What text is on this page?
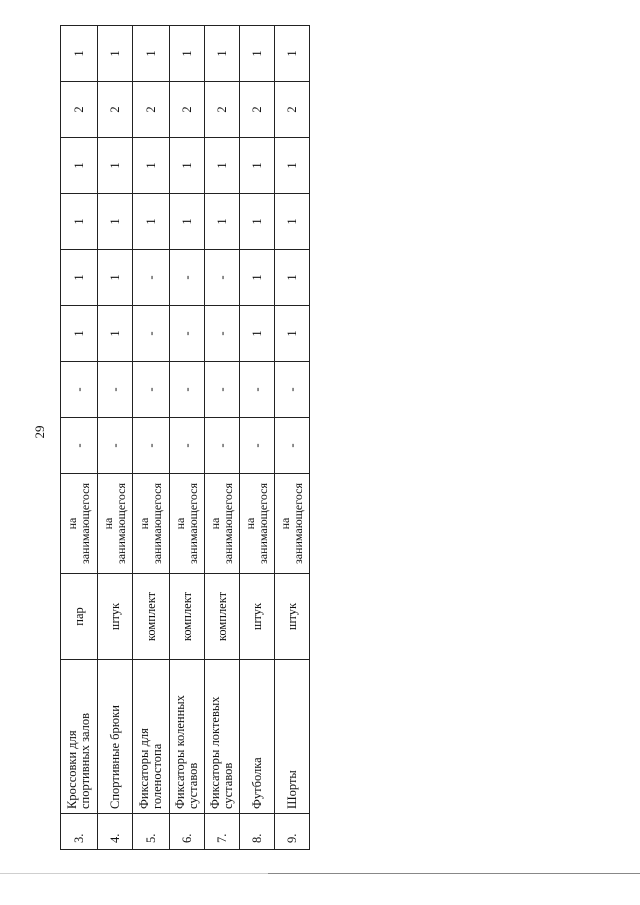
29
3.	Кроссовки для спортивных залов	пар	на занимающегося	-	-	1	1	1	1	2	1
4.	Спортивные брюки	штук	на занимающегося	-	-	1	1	1	1	2	1
5.	Фиксаторы для голеностопа	комплект	на занимающегося	-	-	-	-	1	1	2	1
6.	Фиксаторы коленных суставов	комплект	на занимающегося	-	-	-	-	1	1	2	1
7.	Фиксаторы локтевых суставов	комплект	на занимающегося	-	-	-	-	1	1	2	1
8.	Футболка	штук	на занимающегося	-	-	1	1	1	1	2	1
9.	Шорты	штук	на занимающегося	-	-	1	1	1	1	2	1
